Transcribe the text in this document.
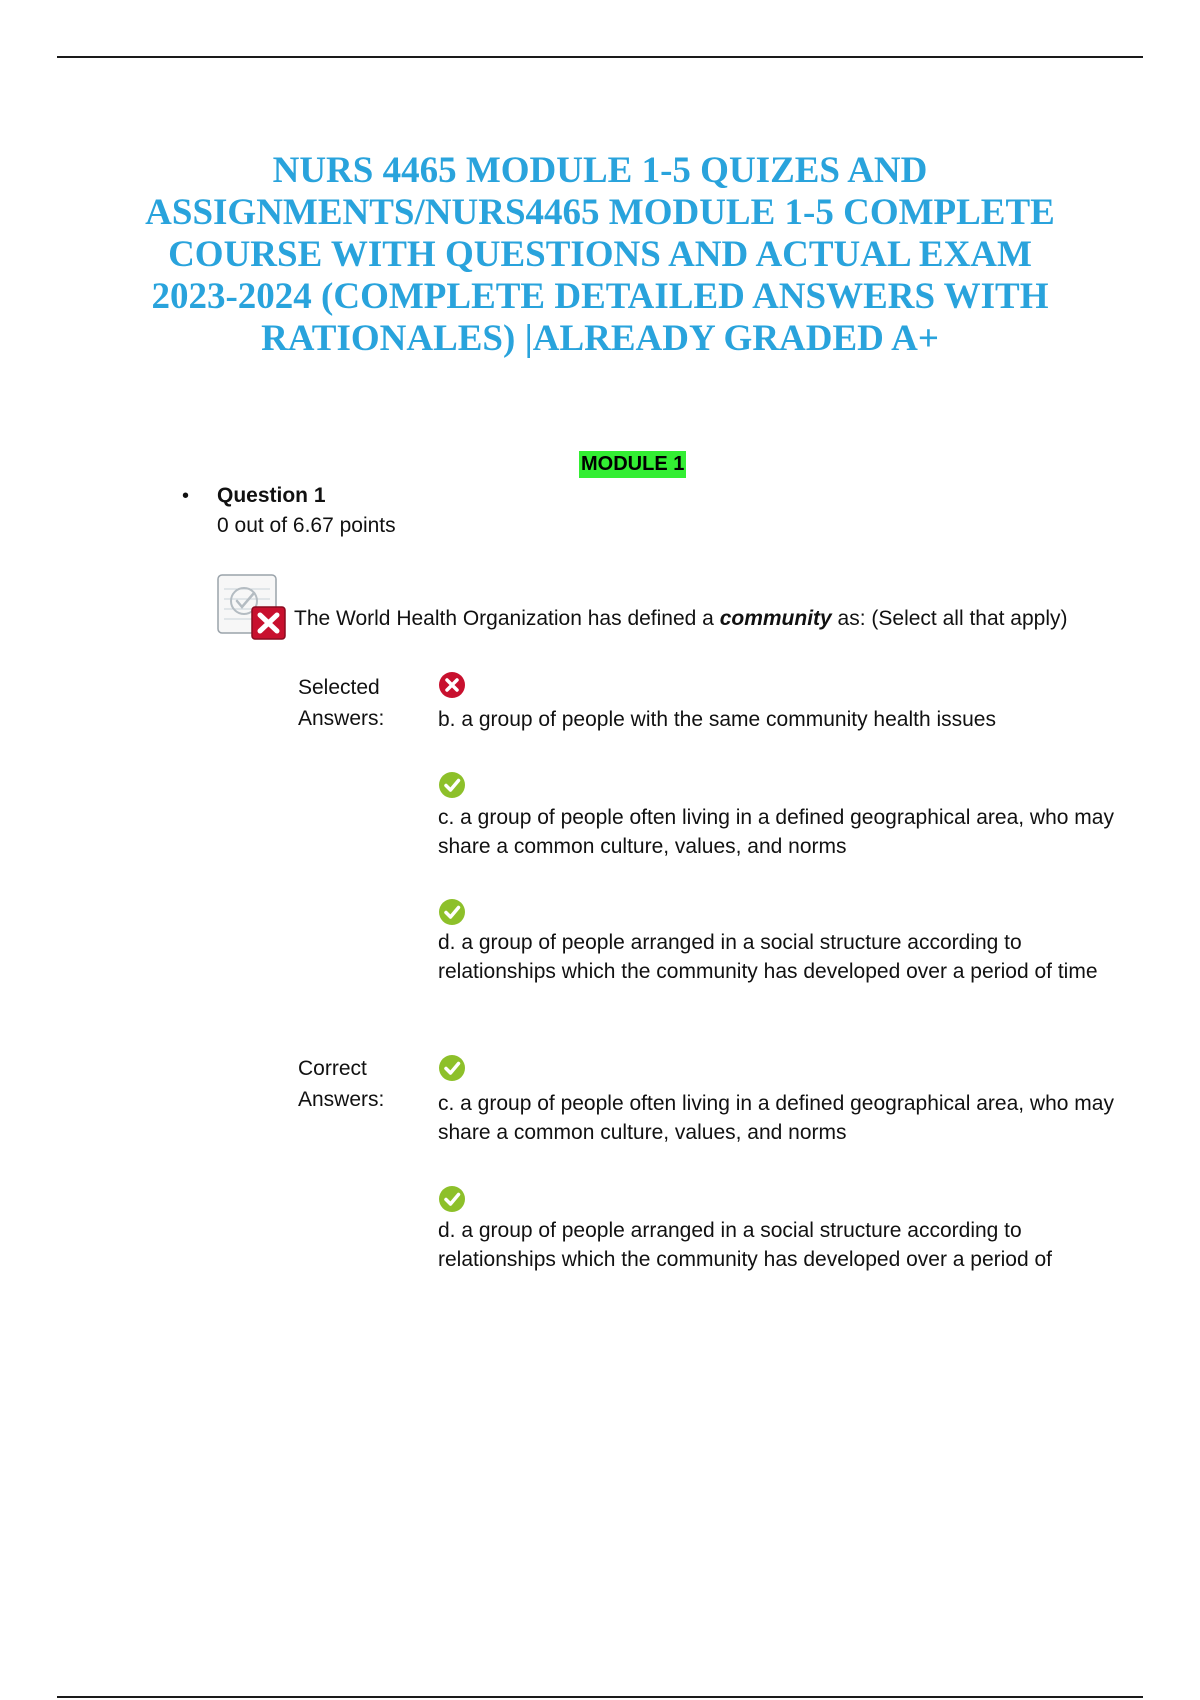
NURS 4465 MODULE 1-5 QUIZES AND ASSIGNMENTS/NURS4465 MODULE 1-5 COMPLETE COURSE WITH QUESTIONS AND ACTUAL EXAM 2023-2024 (COMPLETE DETAILED ANSWERS WITH RATIONALES) |ALREADY GRADED A+
MODULE 1
• Question 1
0 out of 6.67 points
The World Health Organization has defined a community as: (Select all that apply)
Selected Answers:	b. a group of people with the same community health issues
c. a group of people often living in a defined geographical area, who may share a common culture, values, and norms
d. a group of people arranged in a social structure according to relationships which the community has developed over a period of time
Correct Answers:	c. a group of people often living in a defined geographical area, who may share a common culture, values, and norms
d. a group of people arranged in a social structure according to relationships which the community has developed over a period of
